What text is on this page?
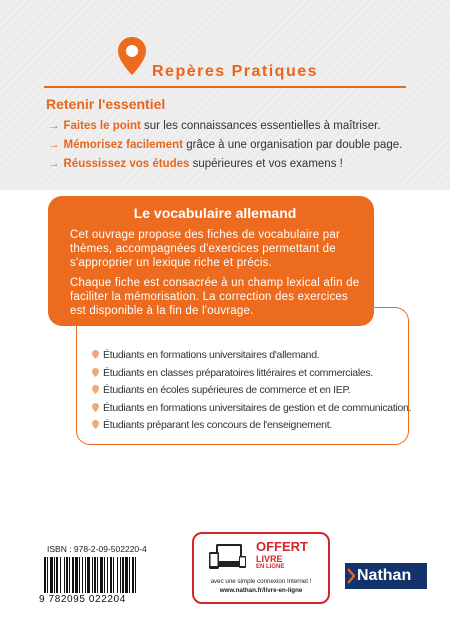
Repères Pratiques
Retenir l'essentiel
→ Faites le point sur les connaissances essentielles à maîtriser.
→ Mémorisez facilement grâce à une organisation par double page.
→ Réussissez vos études supérieures et vos examens !
Le vocabulaire allemand

Cet ouvrage propose des fiches de vocabulaire par thèmes, accompagnées d'exercices permettant de s'approprier un lexique riche et précis.

Chaque fiche est consacrée à un champ lexical afin de faciliter la mémorisation. La correction des exercices est disponible à la fin de l'ouvrage.

Étudiants en formations universitaires d'allemand.
Étudiants en classes préparatoires littéraires et commerciales.
Étudiants en écoles supérieures de commerce et en IEP.
Étudiants en formations universitaires de gestion et de communication.
Étudiants préparant les concours de l'enseignement.
ISBN : 978-2-09-502220-4
9 782095 022204
OFFERT
LIVRE
EN LIGNE
avec une simple connexion Internet !
www.nathan.fr/livre-en-ligne
Nathan
